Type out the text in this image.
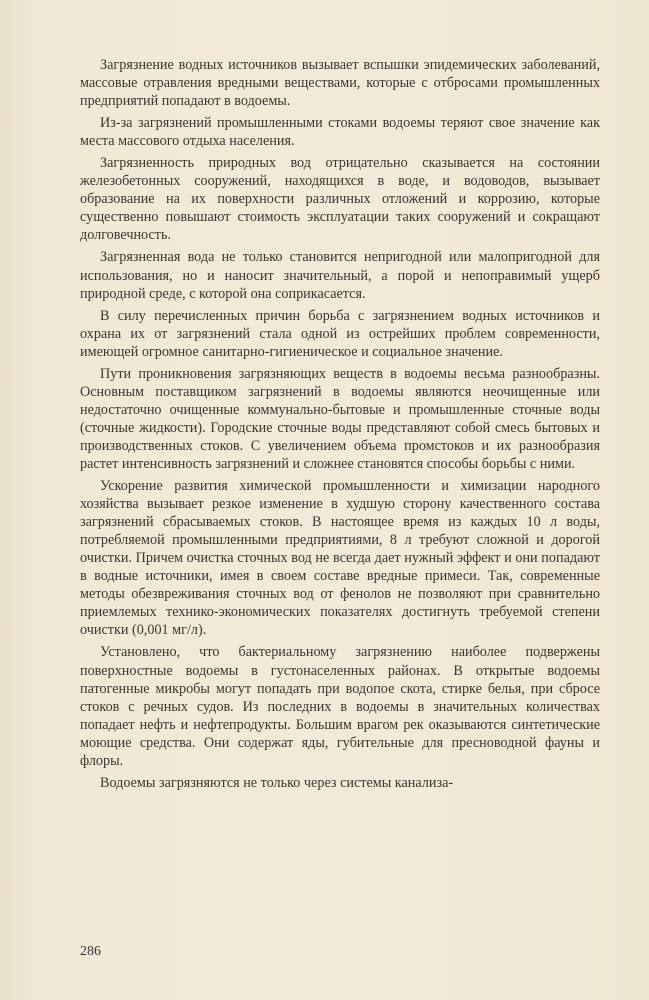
Загрязнение водных источников вызывает вспышки эпидемических заболеваний, массовые отравления вредными веществами, которые с отбросами промышленных предприятий попадают в водоемы.

Из-за загрязнений промышленными стоками водоемы теряют свое значение как места массового отдыха населения.

Загрязненность природных вод отрицательно сказывается на состоянии железобетонных сооружений, находящихся в воде, и водоводов, вызывает образование на их поверхности различных отложений и коррозию, которые существенно повышают стоимость эксплуатации таких сооружений и сокращают долговечность.

Загрязненная вода не только становится непригодной или малопригодной для использования, но и наносит значительный, а порой и непоправимый ущерб природной среде, с которой она соприкасается.

В силу перечисленных причин борьба с загрязнением водных источников и охрана их от загрязнений стала одной из острейших проблем современности, имеющей огромное санитарно-гигиеническое и социальное значение.

Пути проникновения загрязняющих веществ в водоемы весьма разнообразны. Основным поставщиком загрязнений в водоемы являются неочищенные или недостаточно очищенные коммунально-бытовые и промышленные сточные воды (сточные жидкости). Городские сточные воды представляют собой смесь бытовых и производственных стоков. С увеличением объема промстоков и их разнообразия растет интенсивность загрязнений и сложнее становятся способы борьбы с ними.

Ускорение развития химической промышленности и химизации народного хозяйства вызывает резкое изменение в худшую сторону качественного состава загрязнений сбрасываемых стоков. В настоящее время из каждых 10 л воды, потребляемой промышленными предприятиями, 8 л требуют сложной и дорогой очистки. Причем очистка сточных вод не всегда дает нужный эффект и они попадают в водные источники, имея в своем составе вредные примеси. Так, современные методы обезвреживания сточных вод от фенолов не позволяют при сравнительно приемлемых технико-экономических показателях достигнуть требуемой степени очистки (0,001 мг/л).

Установлено, что бактериальному загрязнению наиболее подвержены поверхностные водоемы в густонаселенных районах. В открытые водоемы патогенные микробы могут попадать при водопое скота, стирке белья, при сбросе стоков с речных судов. Из последних в водоемы в значительных количествах попадает нефть и нефтепродукты. Большим врагом рек оказываются синтетические моющие средства. Они содержат яды, губительные для пресноводной фауны и флоры.

Водоемы загрязняются не только через системы канализа-

286
